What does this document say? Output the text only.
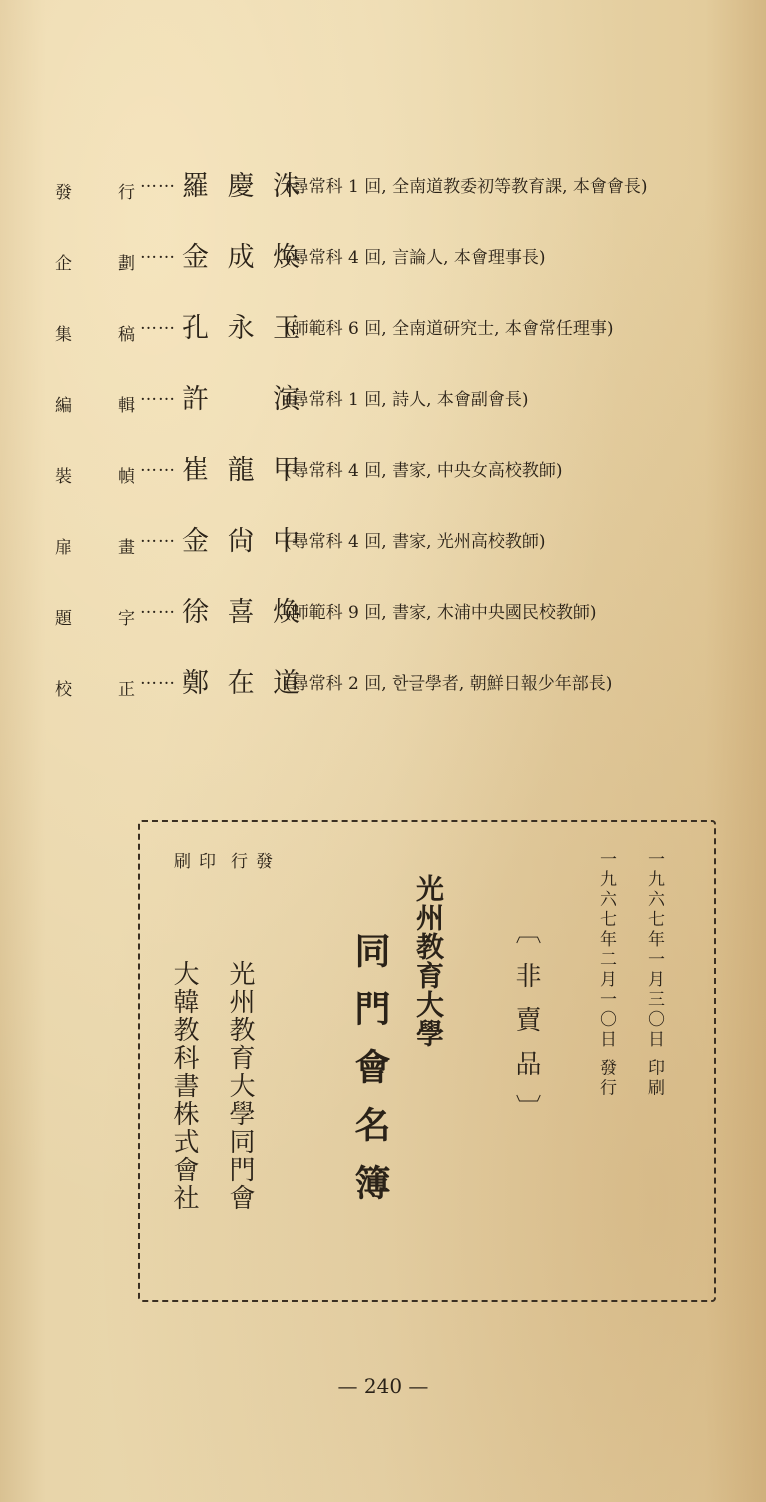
發	行
…… 羅 慶 洙
(尋常科 1 回, 全南道教委初等教育課, 本會會長)
企	劃
…… 金 成 煥
(尋常科 4 回, 言論人, 本會理事長)
集	稿
…… 孔 永 玉
(師範科 6 回, 全南道研究士, 本會常任理事)
編	輯
…… 許 　 演
(尋常科 1 回, 詩人, 本會副會長)
裝	幀
…… 崔 龍 甲
(尋常科 4 回, 書家, 中央女高校教師)
扉	畫
…… 金 尙 中
(尋常科 4 回, 書家, 光州高校教師)
題	字
…… 徐 喜 煥
(師範科 9 回, 書家, 木浦中央國民校教師)
校	正
…… 鄭 在 道
(尋常科 2 回, 한글學者, 朝鮮日報少年部長)
印
刷	發
行
大韓教科書株式會社 光州教育大學同門會	同門會名簿 光州教育大學	〔非賣品〕	一九六七年二月一〇日 發行 一九六七年一月三〇日 印刷
— 240 —
